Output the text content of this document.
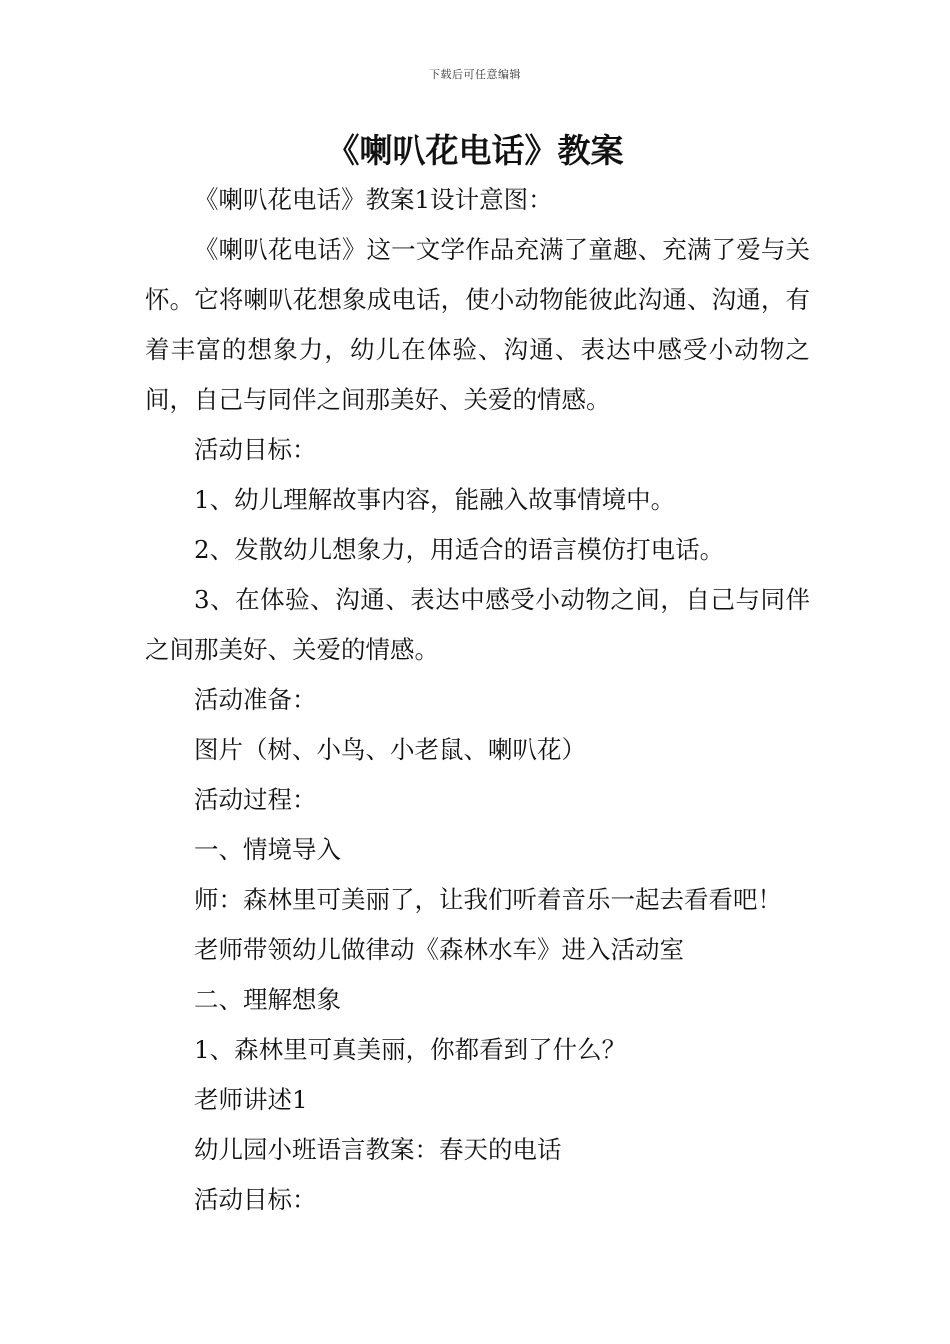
下载后可任意编辑
《喇叭花电话》教案

《喇叭花电话》教案1设计意图：

《喇叭花电话》这一文学作品充满了童趣、充满了爱与关怀。它将喇叭花想象成电话，使小动物能彼此沟通、沟通，有着丰富的想象力，幼儿在体验、沟通、表达中感受小动物之间，自己与同伴之间那美好、关爱的情感。

活动目标：

1、幼儿理解故事内容，能融入故事情境中。

2、发散幼儿想象力，用适合的语言模仿打电话。

3、在体验、沟通、表达中感受小动物之间，自己与同伴之间那美好、关爱的情感。

活动准备：

图片（树、小鸟、小老鼠、喇叭花）

活动过程：

一、情境导入

师：森林里可美丽了，让我们听着音乐一起去看看吧！

老师带领幼儿做律动《森林水车》进入活动室

二、理解想象

1、森林里可真美丽，你都看到了什么？

老师讲述1

幼儿园小班语言教案：春天的电话

活动目标：
